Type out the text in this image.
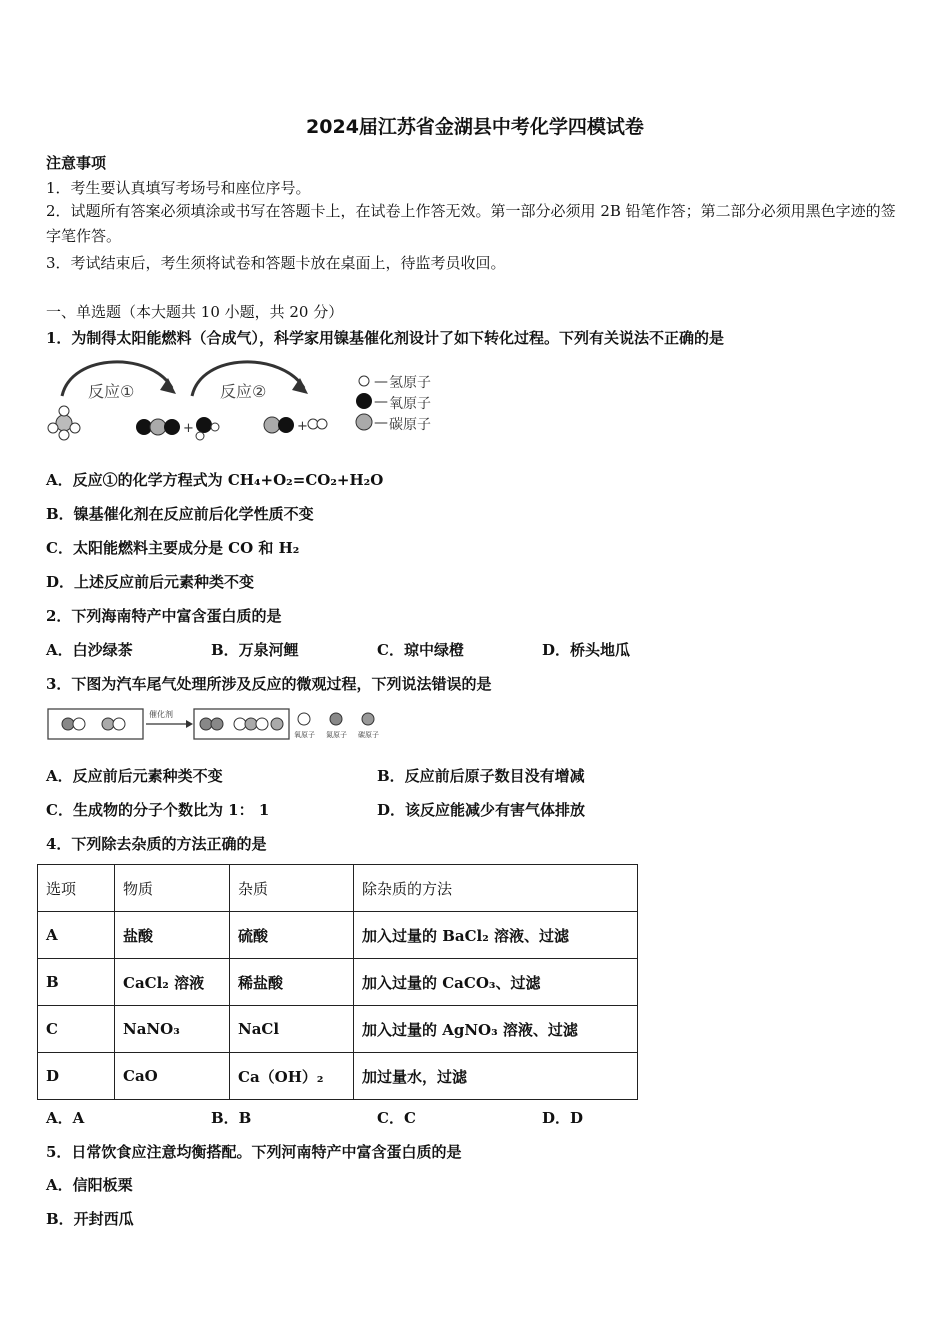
2024届江苏省金湖县中考化学四模试卷
注意事项
1．考生要认真填写考场号和座位序号。
2．试题所有答案必须填涂或书写在答题卡上，在试卷上作答无效。第一部分必须用 2B 铅笔作答；第二部分必须用黑色字迹的签字笔作答。
3．考试结束后，考生须将试卷和答题卡放在桌面上，待监考员收回。
一、单选题（本大题共 10 小题，共 20 分）
1．为制得太阳能燃料（合成气），科学家用镍基催化剂设计了如下转化过程。下列有关说法不正确的是
反应①	反应②
+	+
—
—
—
氢原子
氧原子
碳原子
A．反应①的化学方程式为 CH₄+O₂=CO₂+H₂O
B．镍基催化剂在反应前后化学性质不变
C．太阳能燃料主要成分是 CO 和 H₂
D．上述反应前后元素种类不变
2．下列海南特产中富含蛋白质的是
A．白沙绿茶	B．万泉河鲤	C．琼中绿橙	D．桥头地瓜
3．下图为汽车尾气处理所涉及反应的微观过程，下列说法错误的是
催化剂
氧原子 氮原子 碳原子
A．反应前后元素种类不变	B．反应前后原子数目没有增减
C．生成物的分子个数比为 1： 1	D．该反应能减少有害气体排放
4．下列除去杂质的方法正确的是
选项	物质	杂质	除杂质的方法
A	盐酸	硫酸	加入过量的 BaCl₂ 溶液、过滤
B	CaCl₂ 溶液	稀盐酸	加入过量的 CaCO₃、过滤
C	NaNO₃	NaCl	加入过量的 AgNO₃ 溶液、过滤
D	CaO	Ca（OH）₂	加过量水，过滤
A．A	B．B	C．C	D．D
5．日常饮食应注意均衡搭配。下列河南特产中富含蛋白质的是
A．信阳板栗
B．开封西瓜
